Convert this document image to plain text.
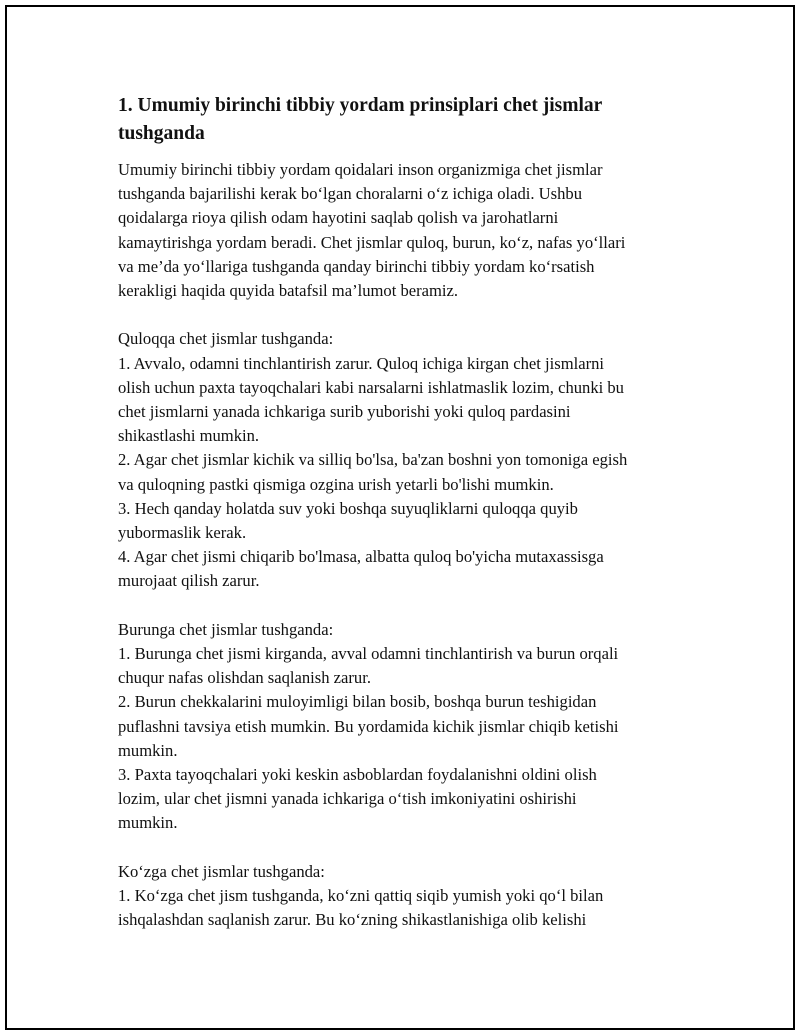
1. Umumiy birinchi tibbiy yordam prinsiplari chet jismlar
tushganda
Umumiy birinchi tibbiy yordam qoidalari inson organizmiga chet jismlar
tushganda bajarilishi kerak boʻlgan choralarni oʻz ichiga oladi. Ushbu
qoidalarga rioya qilish odam hayotini saqlab qolish va jarohatlarni
kamaytirishga yordam beradi. Chet jismlar quloq, burun, koʻz, nafas yoʻllari
va me’da yoʻllariga tushganda qanday birinchi tibbiy yordam koʻrsatish
kerakligi haqida quyida batafsil ma’lumot beramiz.
Quloqqa chet jismlar tushganda:
1. Avvalo, odamni tinchlantirish zarur. Quloq ichiga kirgan chet jismlarni
olish uchun paxta tayoqchalari kabi narsalarni ishlatmaslik lozim, chunki bu
chet jismlarni yanada ichkariga surib yuborishi yoki quloq pardasini
shikastlashi mumkin.
2. Agar chet jismlar kichik va silliq bo'lsa, ba'zan boshni yon tomoniga egish
va quloqning pastki qismiga ozgina urish yetarli bo'lishi mumkin.
3. Hech qanday holatda suv yoki boshqa suyuqliklarni quloqqa quyib
yubormaslik kerak.
4. Agar chet jismi chiqarib bo'lmasa, albatta quloq bo'yicha mutaxassisga
murojaat qilish zarur.
Burunga chet jismlar tushganda:
1. Burunga chet jismi kirganda, avval odamni tinchlantirish va burun orqali
chuqur nafas olishdan saqlanish zarur.
2. Burun chekkalarini muloyimligi bilan bosib, boshqa burun teshigidan
puflashni tavsiya etish mumkin. Bu yordamida kichik jismlar chiqib ketishi
mumkin.
3. Paxta tayoqchalari yoki keskin asboblardan foydalanishni oldini olish
lozim, ular chet jismni yanada ichkariga oʻtish imkoniyatini oshirishi
mumkin.
Koʻzga chet jismlar tushganda:
1. Koʻzga chet jism tushganda, koʻzni qattiq siqib yumish yoki qoʻl bilan
ishqalashdan saqlanish zarur. Bu koʻzning shikastlanishiga olib kelishi
